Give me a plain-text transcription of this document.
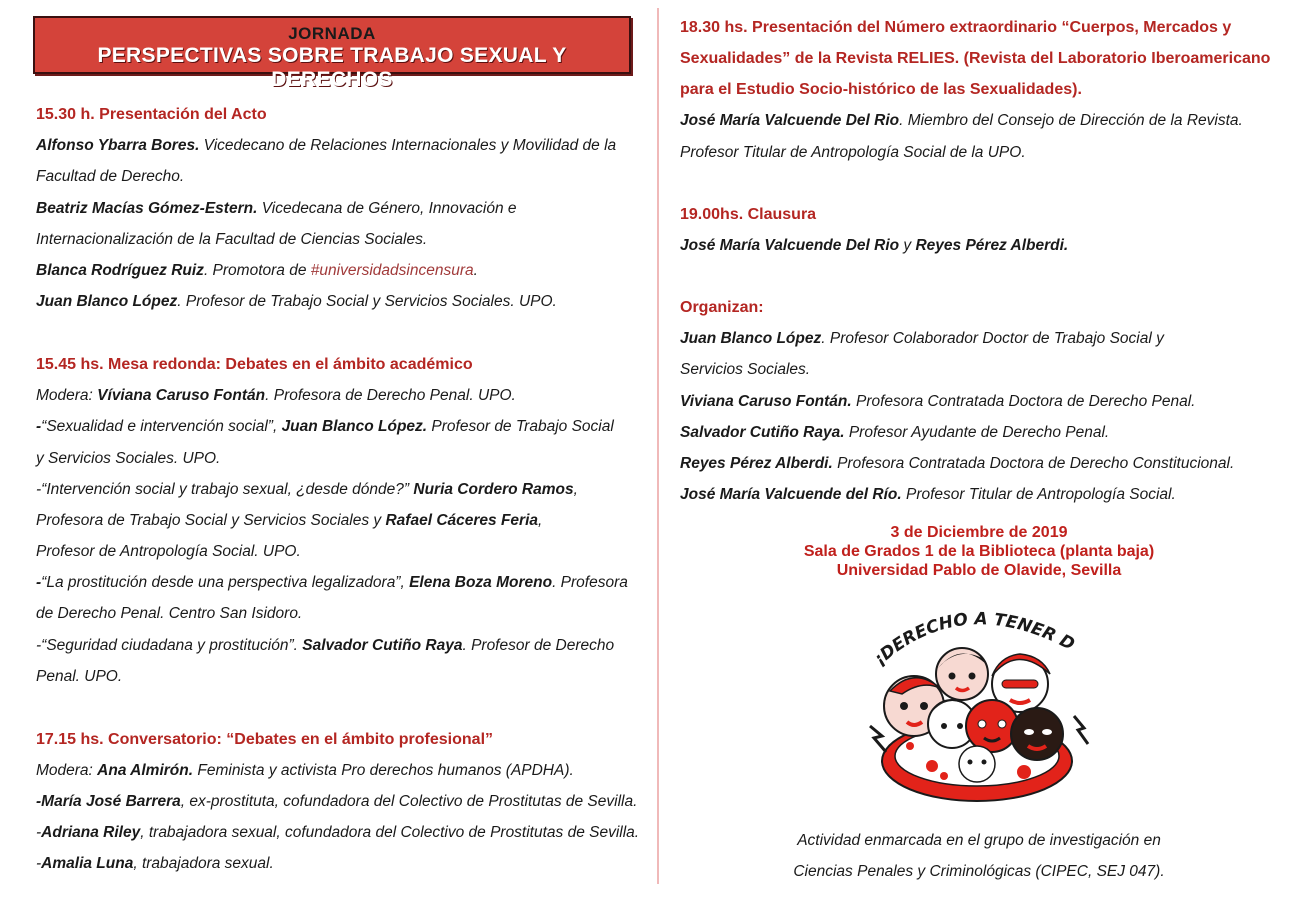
JORNADA
PERSPECTIVAS SOBRE TRABAJO SEXUAL Y DERECHOS
15.30 h. Presentación del Acto
Alfonso Ybarra Bores. Vicedecano de Relaciones Internacionales y Movilidad de la
Facultad de Derecho.
Beatriz Macías Gómez-Estern. Vicedecana de Género, Innovación e
Internacionalización de la Facultad de Ciencias Sociales.
Blanca Rodríguez Ruiz. Promotora de #universidadsincensura.
Juan Blanco López. Profesor de Trabajo Social y Servicios Sociales. UPO.
15.45 hs. Mesa redonda: Debates en el ámbito académico
Modera: Víviana Caruso Fontán. Profesora de Derecho Penal. UPO.
-“Sexualidad e intervención social”, Juan Blanco López. Profesor de Trabajo Social
y Servicios Sociales. UPO.
-“Intervención social y trabajo sexual, ¿desde dónde?” Nuria Cordero Ramos,
Profesora de Trabajo Social y Servicios Sociales y Rafael Cáceres Feria,
Profesor de Antropología Social. UPO.
-“La prostitución desde una perspectiva legalizadora”, Elena Boza Moreno. Profesora
de Derecho Penal. Centro San Isidoro.
-“Seguridad ciudadana y prostitución”. Salvador Cutiño Raya. Profesor de Derecho
Penal. UPO.
17.15 hs. Conversatorio: “Debates en el ámbito profesional”
Modera: Ana Almirón. Feminista y activista Pro derechos humanos (APDHA).
-María José Barrera, ex-prostituta, cofundadora del Colectivo de Prostitutas de Sevilla.
-Adriana Riley, trabajadora sexual, cofundadora del Colectivo de Prostitutas de Sevilla.
-Amalia Luna, trabajadora sexual.
18.30 hs. Presentación del Número extraordinario “Cuerpos, Mercados y
Sexualidades” de la Revista RELIES. (Revista del Laboratorio Iberoamericano
para el Estudio Socio-histórico de las Sexualidades).
José María Valcuende Del Rio. Miembro del Consejo de Dirección de la Revista.
Profesor Titular de Antropología Social de la UPO.
19.00hs. Clausura
José María Valcuende Del Rio y Reyes Pérez Alberdi.
Organizan:
Juan Blanco López. Profesor Colaborador Doctor de Trabajo Social y
Servicios Sociales.
Viviana Caruso Fontán. Profesora Contratada Doctora de Derecho Penal.
Salvador Cutiño Raya. Profesor Ayudante de Derecho Penal.
Reyes Pérez Alberdi. Profesora Contratada Doctora de Derecho Constitucional.
José María Valcuende del Río. Profesor Titular de Antropología Social.
3 de Diciembre de 2019
Sala de Grados 1 de la Biblioteca (planta baja)
Universidad Pablo de Olavide, Sevilla
¡DERECHO A TENER D
Actividad enmarcada en el grupo de investigación en
Ciencias Penales y Criminológicas (CIPEC, SEJ 047).
